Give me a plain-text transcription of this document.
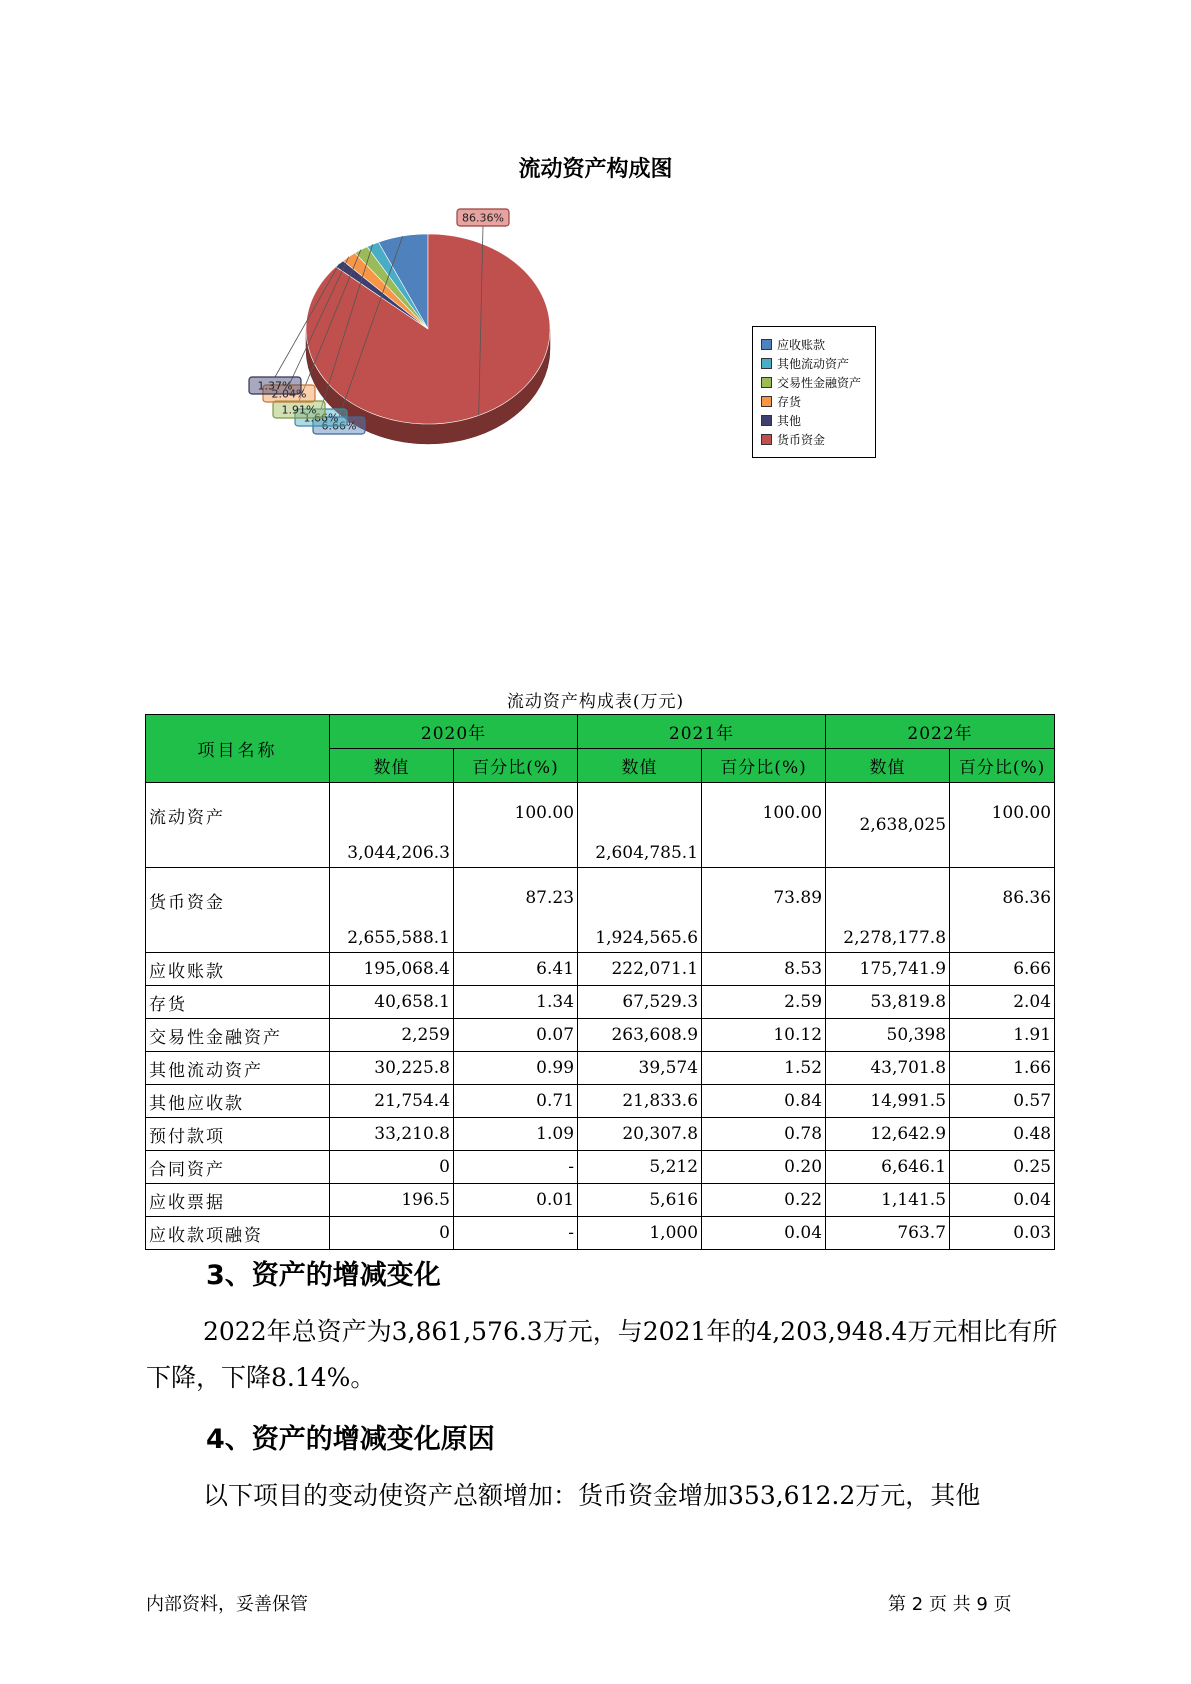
流动资产构成图
6.66%
1.66%
1.91%
2.04%
1.37%
86.36%
应收账款
其他流动资产
交易性金融资产
存货
其他
货币资金
流动资产构成表(万元)
项目名称	2020年		2021年		2022年	
	数值	百分比(%)	数值	百分比(%)	数值	百分比(%)
流动资产	3,044,206.3	100.00	2,604,785.1	100.00	2,638,025	100.00
货币资金	2,655,588.1	87.23	1,924,565.6	73.89	2,278,177.8	86.36
应收账款	195,068.4	6.41	222,071.1	8.53	175,741.9	6.66
存货	40,658.1	1.34	67,529.3	2.59	53,819.8	2.04
交易性金融资产	2,259	0.07	263,608.9	10.12	50,398	1.91
其他流动资产	30,225.8	0.99	39,574	1.52	43,701.8	1.66
其他应收款	21,754.4	0.71	21,833.6	0.84	14,991.5	0.57
预付款项	33,210.8	1.09	20,307.8	0.78	12,642.9	0.48
合同资产	0	-	5,212	0.20	6,646.1	0.25
应收票据	196.5	0.01	5,616	0.22	1,141.5	0.04
应收款项融资	0	-	1,000	0.04	763.7	0.03
3、资产的增减变化

2022年总资产为3,861,576.3万元，与2021年的4,203,948.4万元相比有所下降，下降8.14%。

4、资产的增减变化原因

以下项目的变动使资产总额增加：货币资金增加353,612.2万元，其他

内部资料，妥善保管	第 2 页 共 9 页
